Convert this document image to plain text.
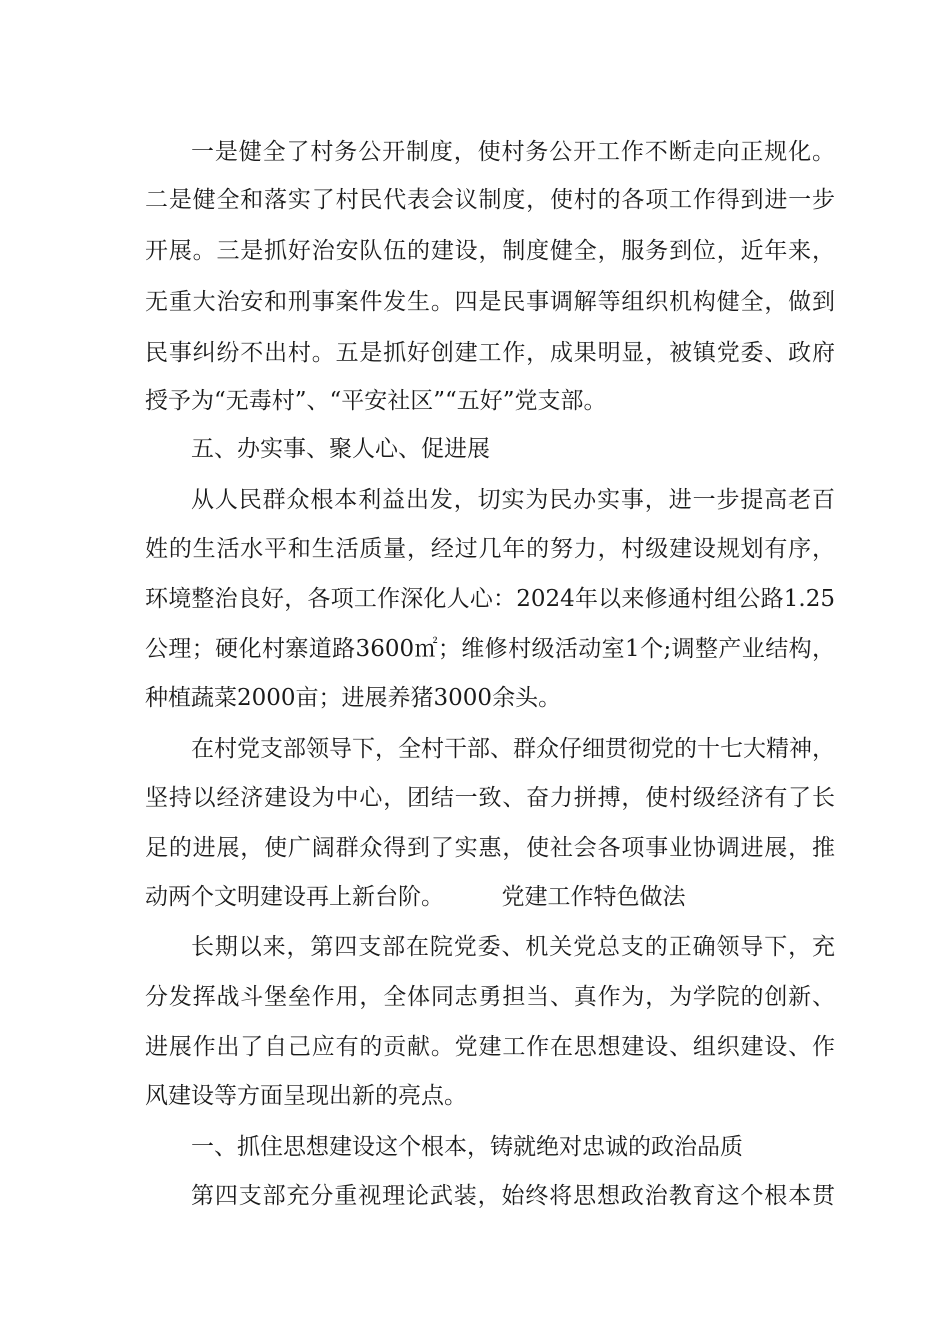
一是健全了村务公开制度，使村务公开工作不断走向正规化。
二是健全和落实了村民代表会议制度，使村的各项工作得到进一步
开展。三是抓好治安队伍的建设，制度健全，服务到位，近年来，
无重大治安和刑事案件发生。四是民事调解等组织机构健全，做到
民事纠纷不出村。五是抓好创建工作，成果明显，被镇党委、政府
授予为“无毒村”、“平安社区”“五好”党支部。
五、办实事、聚人心、促进展
从人民群众根本利益出发，切实为民办实事，进一步提高老百
姓的生活水平和生活质量，经过几年的努力，村级建设规划有序，
环境整治良好，各项工作深化人心：2024年以来修通村组公路1.25
公理；硬化村寨道路3600㎡；维修村级活动室1个;调整产业结构，
种植蔬菜2000亩；进展养猪3000余头。
在村党支部领导下，全村干部、群众仔细贯彻党的十七大精神，
坚持以经济建设为中心，团结一致、奋力拼搏，使村级经济有了长
足的进展，使广阔群众得到了实惠，使社会各项事业协调进展，推
动两个文明建设再上新台阶。　　　党建工作特色做法
长期以来，第四支部在院党委、机关党总支的正确领导下，充
分发挥战斗堡垒作用，全体同志勇担当、真作为，为学院的创新、
进展作出了自己应有的贡献。党建工作在思想建设、组织建设、作
风建设等方面呈现出新的亮点。
一、抓住思想建设这个根本，铸就绝对忠诚的政治品质
第四支部充分重视理论武装，始终将思想政治教育这个根本贯
